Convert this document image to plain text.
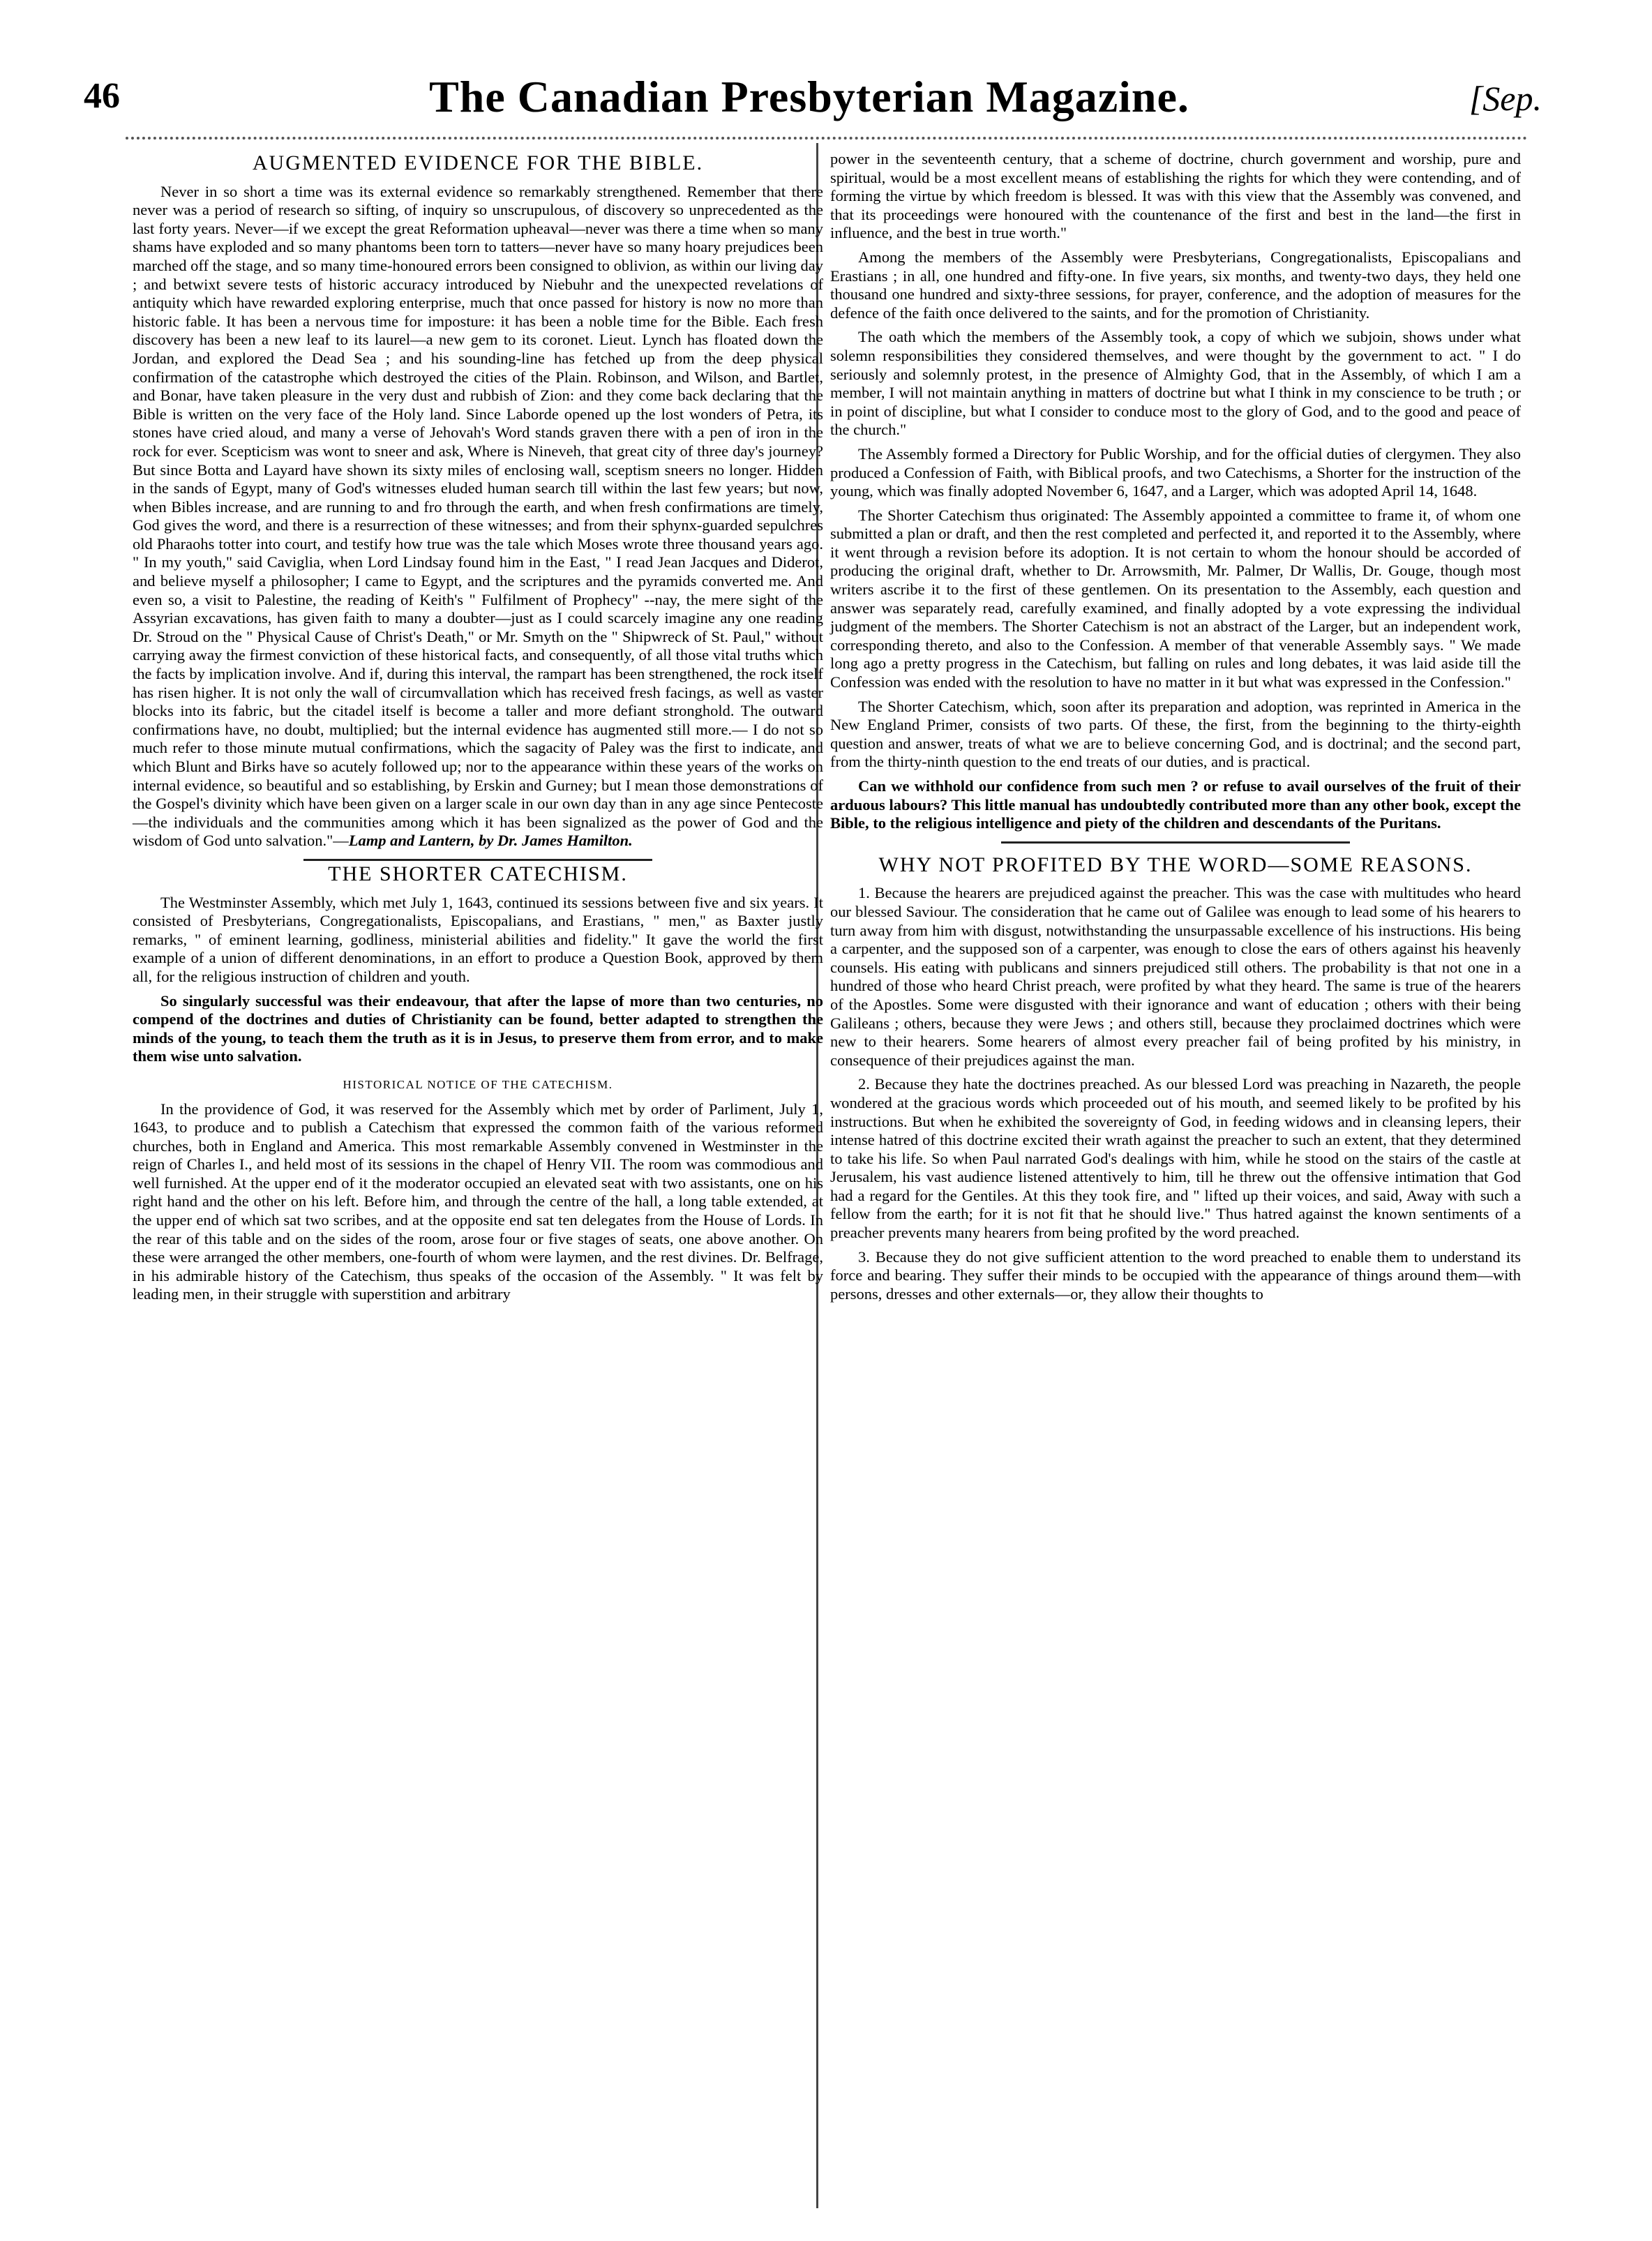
46	The Canadian Presbyterian Magazine.	[Sep.
AUGMENTED EVIDENCE FOR THE BIBLE.

Never in so short a time was its external evidence so remarkably strengthened. Remember that there never was a period of research so sifting, of inquiry so unscrupulous, of discovery so unprecedented as the last forty years. Never—if we except the great Reformation upheaval—never was there a time when so many shams have exploded and so many phantoms been torn to tatters—never have so many hoary prejudices been marched off the stage, and so many time-honoured errors been consigned to oblivion, as within our living day ; and betwixt severe tests of historic accuracy introduced by Niebuhr and the unexpected revelations of antiquity which have rewarded exploring enterprise, much that once passed for history is now no more than historic fable. It has been a nervous time for imposture: it has been a noble time for the Bible. Each fresh discovery has been a new leaf to its laurel—a new gem to its coronet. Lieut. Lynch has floated down the Jordan, and explored the Dead Sea ; and his sounding-line has fetched up from the deep physical confirmation of the catastrophe which destroyed the cities of the Plain. Robinson, and Wilson, and Bartlet, and Bonar, have taken pleasure in the very dust and rubbish of Zion: and they come back declaring that the Bible is written on the very face of the Holy land. Since Laborde opened up the lost wonders of Petra, its stones have cried aloud, and many a verse of Jehovah's Word stands graven there with a pen of iron in the rock for ever. Scepticism was wont to sneer and ask, Where is Nineveh, that great city of three day's journey? But since Botta and Layard have shown its sixty miles of enclosing wall, sceptism sneers no longer. Hidden in the sands of Egypt, many of God's witnesses eluded human search till within the last few years; but now, when Bibles increase, and are running to and fro through the earth, and when fresh confirmations are timely, God gives the word, and there is a resurrection of these witnesses; and from their sphynx-guarded sepulchres old Pharaohs totter into court, and testify how true was the tale which Moses wrote three thousand years ago. " In my youth," said Caviglia, when Lord Lindsay found him in the East, " I read Jean Jacques and Diderot, and believe myself a philosopher; I came to Egypt, and the scriptures and the pyramids converted me. And even so, a visit to Palestine, the reading of Keith's " Fulfilment of Prophecy" --nay, the mere sight of the Assyrian excavations, has given faith to many a doubter—just as I could scarcely imagine any one reading Dr. Stroud on the " Physical Cause of Christ's Death," or Mr. Smyth on the " Shipwreck of St. Paul," without carrying away the firmest conviction of these historical facts, and consequently, of all those vital truths which the facts by implication involve. And if, during this interval, the rampart has been strengthened, the rock itself has risen higher. It is not only the wall of circumvallation which has received fresh facings, as well as vaster blocks into its fabric, but the citadel itself is become a taller and more defiant stronghold. The outward confirmations have, no doubt, multiplied; but the internal evidence has augmented still more.— I do not so much refer to those minute mutual confirmations, which the sagacity of Paley was the first to indicate, and which Blunt and Birks have so acutely followed up; nor to the appearance within these years of the works on internal evidence, so beautiful and so establishing, by Erskin and Gurney; but I mean those demonstrations of the Gospel's divinity which have been given on a larger scale in our own day than in any age since Pentecoste—the individuals and the communities among which it has been signalized as the power of God and the wisdom of God unto salvation."—Lamp and Lantern, by Dr. James Hamilton.

THE SHORTER CATECHISM.

The Westminster Assembly, which met July 1, 1643, continued its sessions between five and six years. It consisted of Presbyterians, Congregationalists, Episcopalians, and Erastians, " men," as Baxter justly remarks, " of eminent learning, godliness, ministerial abilities and fidelity." It gave the world the first example of a union of different denominations, in an effort to produce a Question Book, approved by them all, for the religious instruction of children and youth.

So singularly successful was their endeavour, that after the lapse of more than two centuries, no compend of the doctrines and duties of Christianity can be found, better adapted to strengthen the minds of the young, to teach them the truth as it is in Jesus, to preserve them from error, and to make them wise unto salvation.

HISTORICAL NOTICE OF THE CATECHISM.

In the providence of God, it was reserved for the Assembly which met by order of Parliment, July 1, 1643, to produce and to publish a Catechism that expressed the common faith of the various reformed churches, both in England and America. This most remarkable Assembly convened in Westminster in the reign of Charles I., and held most of its sessions in the chapel of Henry VII. The room was commodious and well furnished. At the upper end of it the moderator occupied an elevated seat with two assistants, one on his right hand and the other on his left. Before him, and through the centre of the hall, a long table extended, at the upper end of which sat two scribes, and at the opposite end sat ten delegates from the House of Lords. In the rear of this table and on the sides of the room, arose four or five stages of seats, one above another. On these were arranged the other members, one-fourth of whom were laymen, and the rest divines. Dr. Belfrage, in his admirable history of the Catechism, thus speaks of the occasion of the Assembly. " It was felt by leading men, in their struggle with superstition and arbitrary

power in the seventeenth century, that a scheme of doctrine, church government and worship, pure and spiritual, would be a most excellent means of establishing the rights for which they were contending, and of forming the virtue by which freedom is blessed. It was with this view that the Assembly was convened, and that its proceedings were honoured with the countenance of the first and best in the land—the first in influence, and the best in true worth."

Among the members of the Assembly were Presbyterians, Congregationalists, Episcopalians and Erastians ; in all, one hundred and fifty-one. In five years, six months, and twenty-two days, they held one thousand one hundred and sixty-three sessions, for prayer, conference, and the adoption of measures for the defence of the faith once delivered to the saints, and for the promotion of Christianity.

The oath which the members of the Assembly took, a copy of which we subjoin, shows under what solemn responsibilities they considered themselves, and were thought by the government to act. " I do seriously and solemnly protest, in the presence of Almighty God, that in the Assembly, of which I am a member, I will not maintain anything in matters of doctrine but what I think in my conscience to be truth ; or in point of discipline, but what I consider to conduce most to the glory of God, and to the good and peace of the church."

The Assembly formed a Directory for Public Worship, and for the official duties of clergymen. They also produced a Confession of Faith, with Biblical proofs, and two Catechisms, a Shorter for the instruction of the young, which was finally adopted November 6, 1647, and a Larger, which was adopted April 14, 1648.

The Shorter Catechism thus originated: The Assembly appointed a committee to frame it, of whom one submitted a plan or draft, and then the rest completed and perfected it, and reported it to the Assembly, where it went through a revision before its adoption. It is not certain to whom the honour should be accorded of producing the original draft, whether to Dr. Arrowsmith, Mr. Palmer, Dr Wallis, Dr. Gouge, though most writers ascribe it to the first of these gentlemen. On its presentation to the Assembly, each question and answer was separately read, carefully examined, and finally adopted by a vote expressing the individual judgment of the members. The Shorter Catechism is not an abstract of the Larger, but an independent work, corresponding thereto, and also to the Confession. A member of that venerable Assembly says. " We made long ago a pretty progress in the Catechism, but falling on rules and long debates, it was laid aside till the Confession was ended with the resolution to have no matter in it but what was expressed in the Confession."

The Shorter Catechism, which, soon after its preparation and adoption, was reprinted in America in the New England Primer, consists of two parts. Of these, the first, from the beginning to the thirty-eighth question and answer, treats of what we are to believe concerning God, and is doctrinal; and the second part, from the thirty-ninth question to the end treats of our duties, and is practical.

Can we withhold our confidence from such men ? or refuse to avail ourselves of the fruit of their arduous labours? This little manual has undoubtedly contributed more than any other book, except the Bible, to the religious intelligence and piety of the children and descendants of the Puritans.

WHY NOT PROFITED BY THE WORD—SOME REASONS.

1. Because the hearers are prejudiced against the preacher. This was the case with multitudes who heard our blessed Saviour. The consideration that he came out of Galilee was enough to lead some of his hearers to turn away from him with disgust, notwithstanding the unsurpassable excellence of his instructions. His being a carpenter, and the supposed son of a carpenter, was enough to close the ears of others against his heavenly counsels. His eating with publicans and sinners prejudiced still others. The probability is that not one in a hundred of those who heard Christ preach, were profited by what they heard. The same is true of the hearers of the Apostles. Some were disgusted with their ignorance and want of education ; others with their being Galileans ; others, because they were Jews ; and others still, because they proclaimed doctrines which were new to their hearers. Some hearers of almost every preacher fail of being profited by his ministry, in consequence of their prejudices against the man.

2. Because they hate the doctrines preached. As our blessed Lord was preaching in Nazareth, the people wondered at the gracious words which proceeded out of his mouth, and seemed likely to be profited by his instructions. But when he exhibited the sovereignty of God, in feeding widows and in cleansing lepers, their intense hatred of this doctrine excited their wrath against the preacher to such an extent, that they determined to take his life. So when Paul narrated God's dealings with him, while he stood on the stairs of the castle at Jerusalem, his vast audience listened attentively to him, till he threw out the offensive intimation that God had a regard for the Gentiles. At this they took fire, and " lifted up their voices, and said, Away with such a fellow from the earth; for it is not fit that he should live." Thus hatred against the known sentiments of a preacher prevents many hearers from being profited by the word preached.

3. Because they do not give sufficient attention to the word preached to enable them to understand its force and bearing. They suffer their minds to be occupied with the appearance of things around them—with persons, dresses and other externals—or, they allow their thoughts to
